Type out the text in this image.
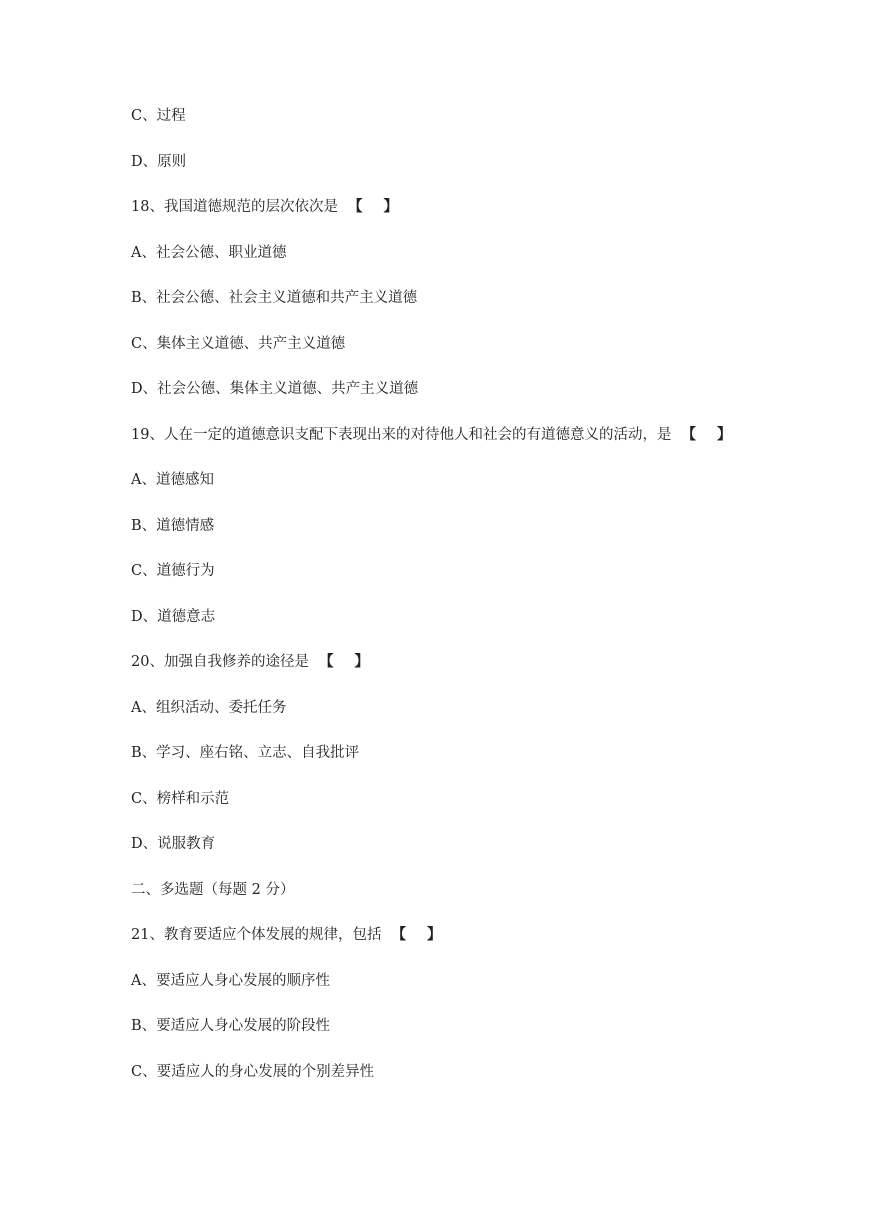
C、过程
D、原则
18、我国道德规范的层次依次是 【 】
A、社会公德、职业道德
B、社会公德、社会主义道德和共产主义道德
C、集体主义道德、共产主义道德
D、社会公德、集体主义道德、共产主义道德
19、人在一定的道德意识支配下表现出来的对待他人和社会的有道德意义的活动，是 【 】
A、道德感知
B、道德情感
C、道德行为
D、道德意志
20、加强自我修养的途径是 【 】
A、组织活动、委托任务
B、学习、座右铭、立志、自我批评
C、榜样和示范
D、说服教育
二、多选题（每题 2 分）
21、教育要适应个体发展的规律，包括 【 】
A、要适应人身心发展的顺序性
B、要适应人身心发展的阶段性
C、要适应人的身心发展的个别差异性
